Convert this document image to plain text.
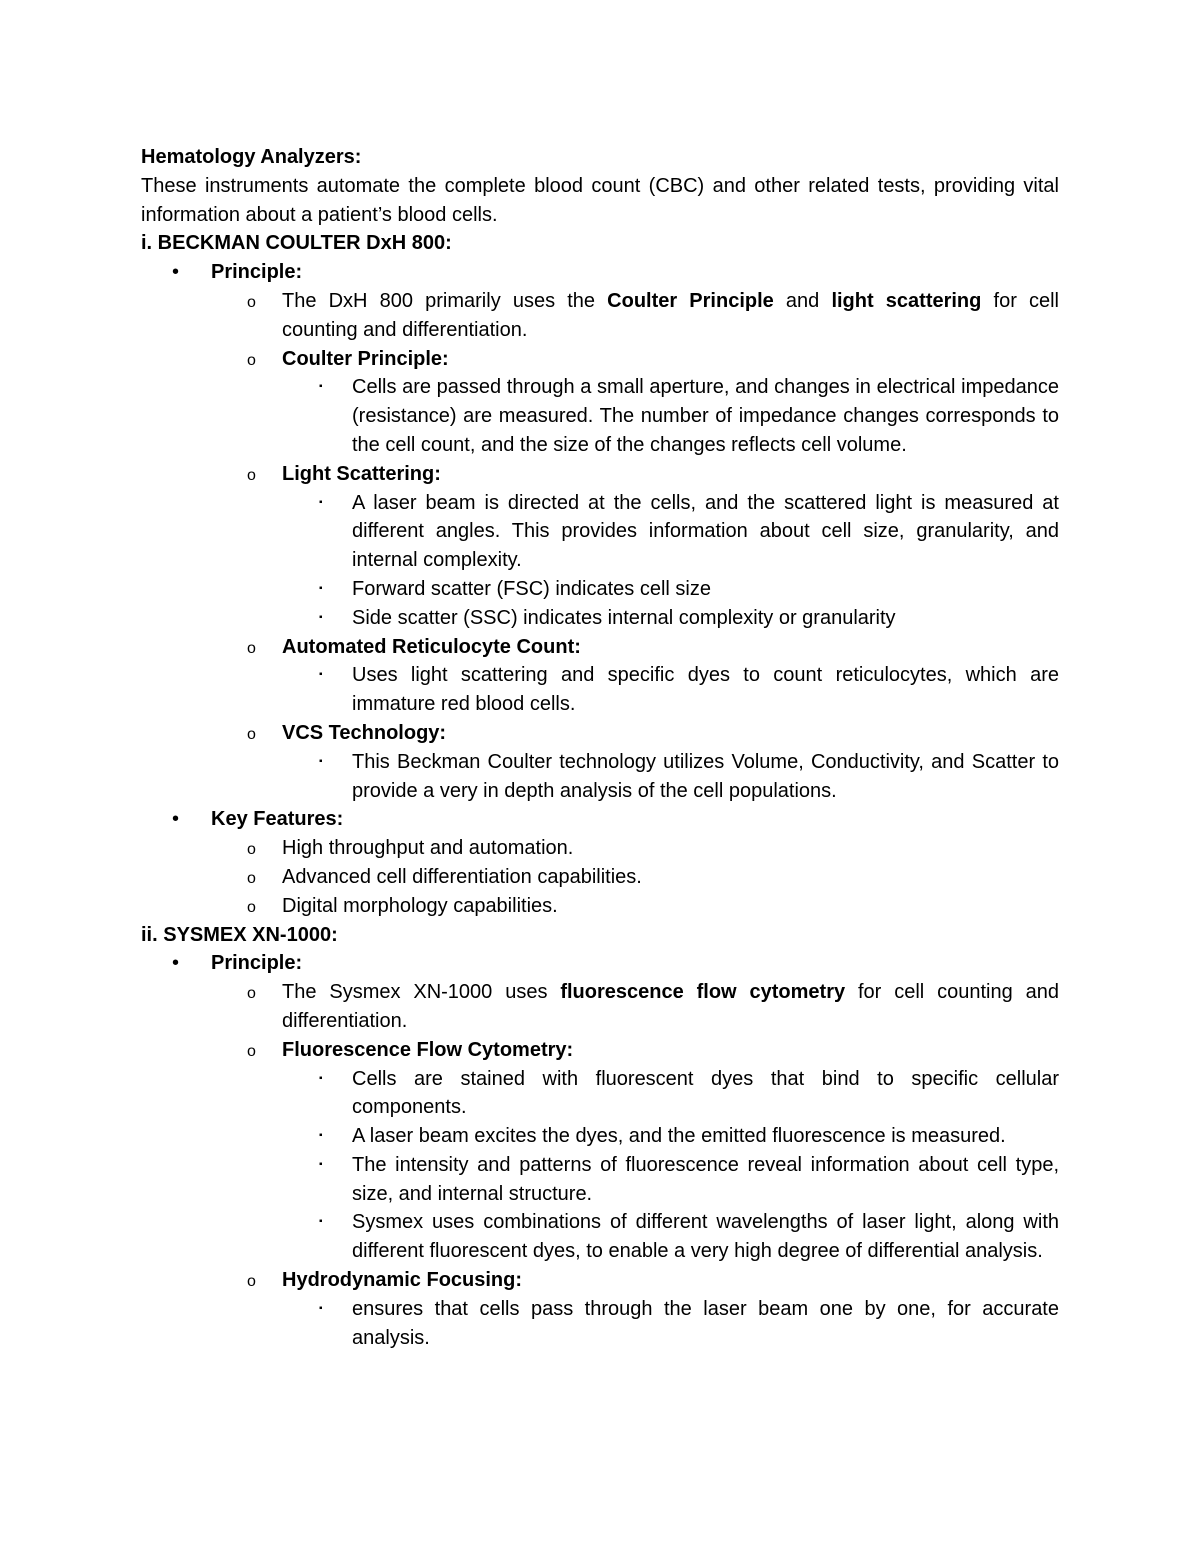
Hematology Analyzers:
These instruments automate the complete blood count (CBC) and other related tests, providing vital information about a patient’s blood cells.
i. BECKMAN COULTER DxH 800:
•	Principle:
o	The DxH 800 primarily uses the Coulter Principle and light scattering for cell counting and differentiation.
o	Coulter Principle:
▪	Cells are passed through a small aperture, and changes in electrical impedance (resistance) are measured. The number of impedance changes corresponds to the cell count, and the size of the changes reflects cell volume.
o	Light Scattering:
▪	A laser beam is directed at the cells, and the scattered light is measured at different angles. This provides information about cell size, granularity, and internal complexity.
▪	Forward scatter (FSC) indicates cell size
▪	Side scatter (SSC) indicates internal complexity or granularity
o	Automated Reticulocyte Count:
▪	Uses light scattering and specific dyes to count reticulocytes, which are immature red blood cells.
o	VCS Technology:
▪	This Beckman Coulter technology utilizes Volume, Conductivity, and Scatter to provide a very in depth analysis of the cell populations.
•	Key Features:
o	High throughput and automation.
o	Advanced cell differentiation capabilities.
o	Digital morphology capabilities.
ii. SYSMEX XN-1000:
•	Principle:
o	The Sysmex XN-1000 uses fluorescence flow cytometry for cell counting and differentiation.
o	Fluorescence Flow Cytometry:
▪	Cells are stained with fluorescent dyes that bind to specific cellular components.
▪	A laser beam excites the dyes, and the emitted fluorescence is measured.
▪	The intensity and patterns of fluorescence reveal information about cell type, size, and internal structure.
▪	Sysmex uses combinations of different wavelengths of laser light, along with different fluorescent dyes, to enable a very high degree of differential analysis.
o	Hydrodynamic Focusing:
▪	ensures that cells pass through the laser beam one by one, for accurate analysis.
